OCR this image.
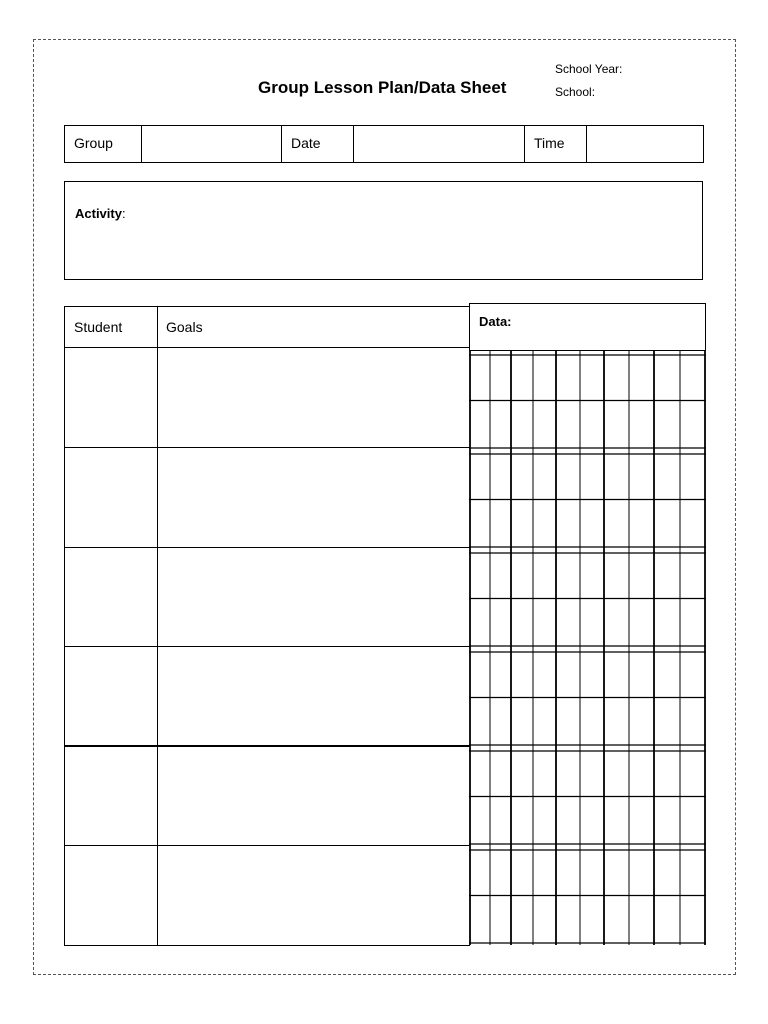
Group Lesson Plan/Data Sheet
School Year:
School:
Group	Date	Time
Activity:
Student	Goals	Data:
